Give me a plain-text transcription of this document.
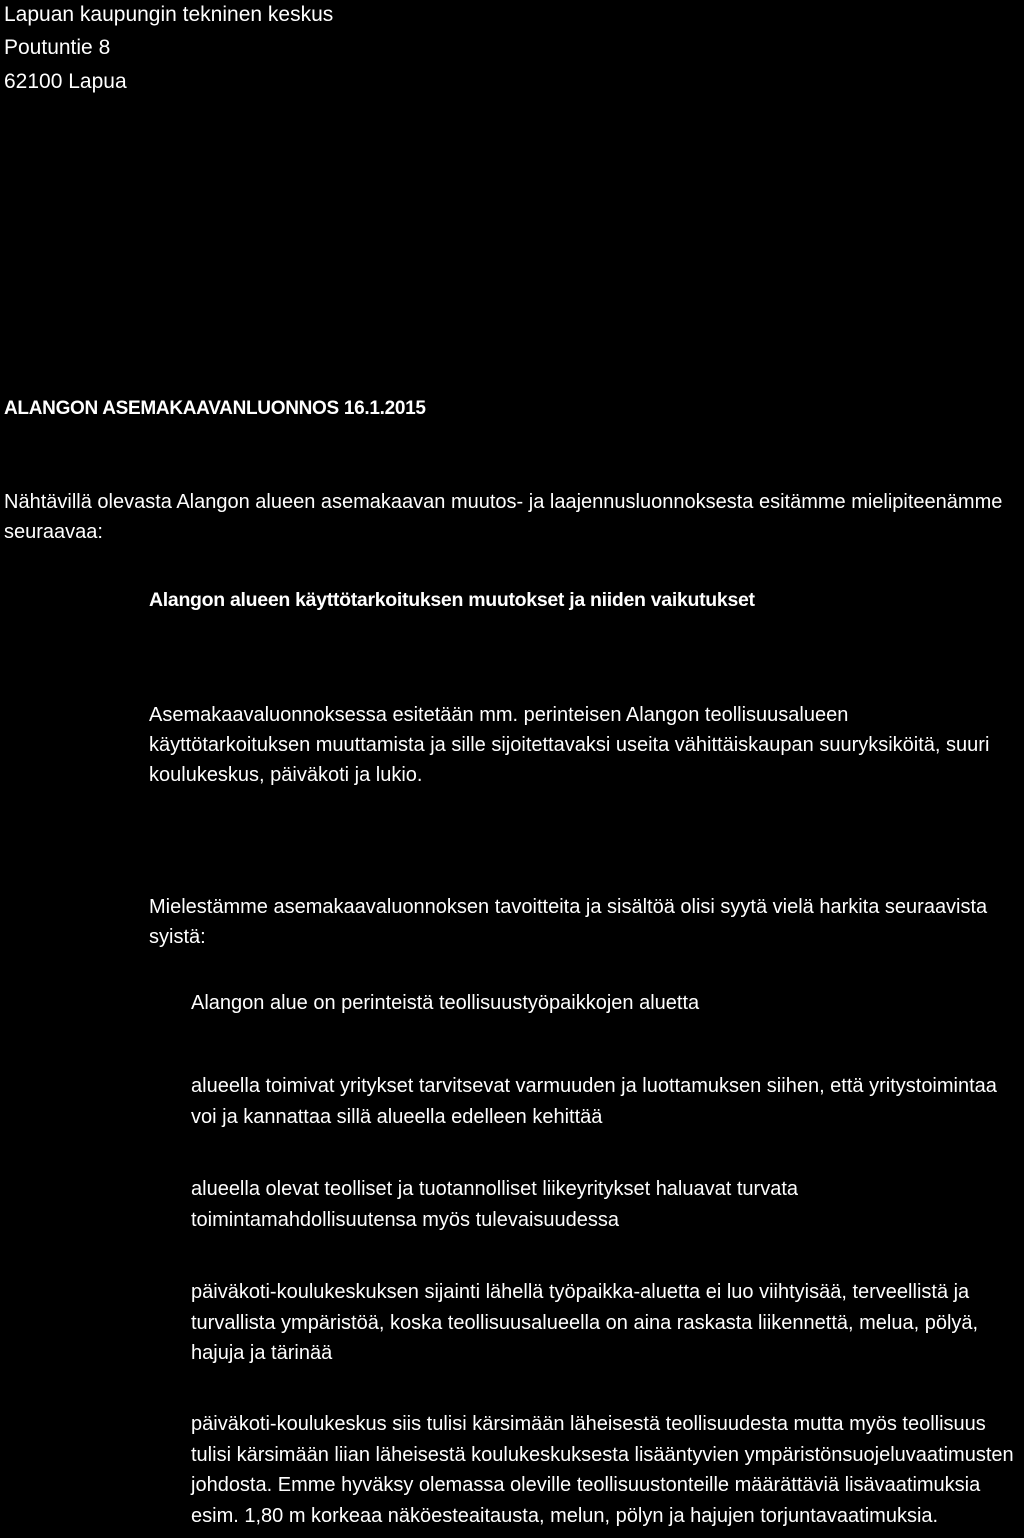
Lapuan kaupungin tekninen keskus
Poutuntie 8
62100 Lapua
ALANGON ASEMAKAAVANLUONNOS 16.1.2015
Nähtävillä olevasta Alangon alueen asemakaavan muutos- ja laajennusluonnoksesta esitämme mielipiteenämme seuraavaa:
Alangon alueen käyttötarkoituksen muutokset ja niiden vaikutukset
Asemakaavaluonnoksessa esitetään mm. perinteisen Alangon teollisuusalueen käyttötarkoituksen muuttamista ja sille sijoitettavaksi useita vähittäiskaupan suuryksiköitä, suuri koulukeskus, päiväkoti ja lukio.
Mielestämme asemakaavaluonnoksen tavoitteita ja sisältöä olisi syytä vielä harkita seuraavista syistä:
Alangon alue on perinteistä teollisuustyöpaikkojen aluetta
alueella toimivat yritykset tarvitsevat varmuuden ja luottamuksen siihen, että yritystoimintaa voi ja kannattaa sillä alueella edelleen kehittää
alueella olevat teolliset ja tuotannolliset liikeyritykset haluavat turvata toimintamahdollisuutensa myös tulevaisuudessa
päiväkoti-koulukeskuksen sijainti lähellä työpaikka-aluetta ei luo viihtyisää, terveellistä ja turvallista ympäristöä, koska teollisuusalueella on aina raskasta liikennettä, melua, pölyä, hajuja ja tärinää
päiväkoti-koulukeskus siis tulisi kärsimään läheisestä teollisuudesta mutta myös teollisuus tulisi kärsimään liian läheisestä koulukeskuksesta lisääntyvien ympäristönsuojeluvaatimusten johdosta. Emme hyväksy olemassa oleville teollisuustonteille määrättäviä lisävaatimuksia esim. 1,80 m korkeaa näköesteaitausta, melun, pölyn ja hajujen torjuntavaatimuksia.
